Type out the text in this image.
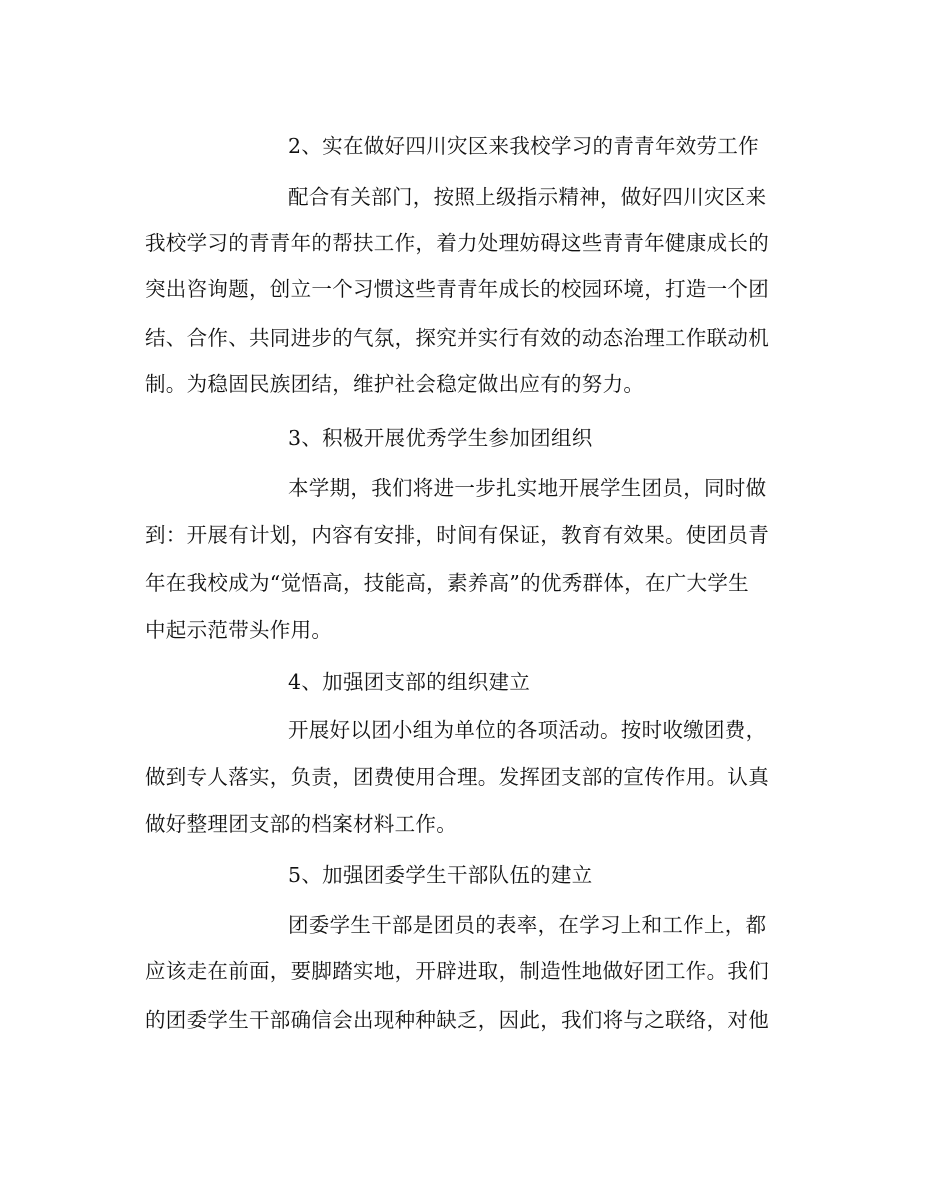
2、实在做好四川灾区来我校学习的青青年效劳工作
配合有关部门，按照上级指示精神，做好四川灾区来
我校学习的青青年的帮扶工作，着力处理妨碍这些青青年健康成长的
突出咨询题，创立一个习惯这些青青年成长的校园环境，打造一个团
结、合作、共同进步的气氛，探究并实行有效的动态治理工作联动机
制。为稳固民族团结，维护社会稳定做出应有的努力。
3、积极开展优秀学生参加团组织
本学期，我们将进一步扎实地开展学生团员，同时做
到：开展有计划，内容有安排，时间有保证，教育有效果。使团员青
年在我校成为“觉悟高，技能高，素养高”的优秀群体，在广大学生
中起示范带头作用。
4、加强团支部的组织建立
开展好以团小组为单位的各项活动。按时收缴团费，
做到专人落实，负责，团费使用合理。发挥团支部的宣传作用。认真
做好整理团支部的档案材料工作。
5、加强团委学生干部队伍的建立
团委学生干部是团员的表率，在学习上和工作上，都
应该走在前面，要脚踏实地，开辟进取，制造性地做好团工作。我们
的团委学生干部确信会出现种种缺乏，因此，我们将与之联络，对他
